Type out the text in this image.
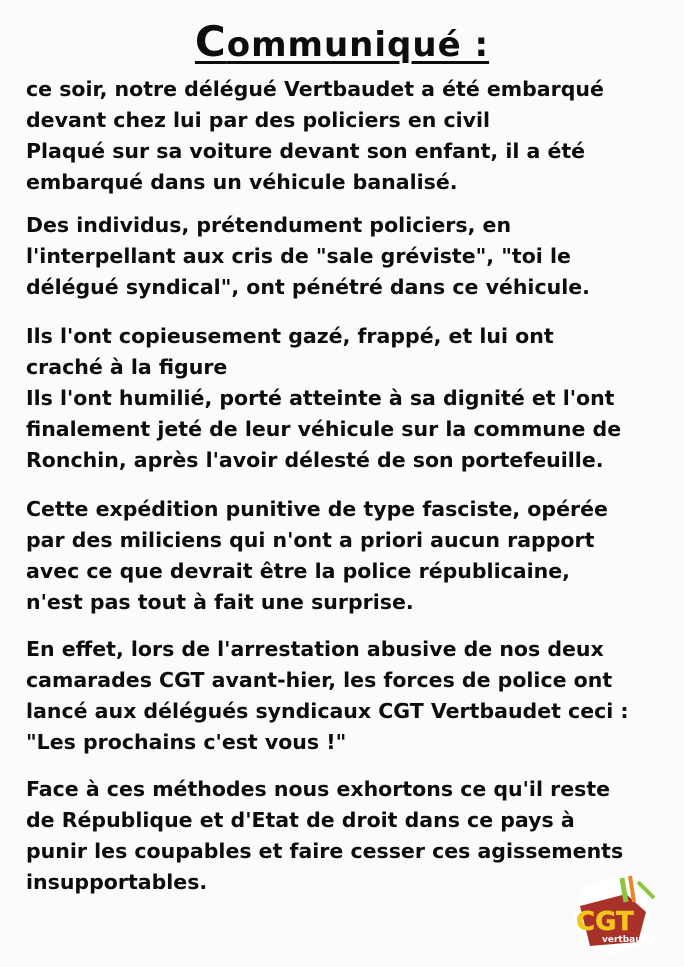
Communiqué :

ce soir, notre délégué Vertbaudet a été embarqué
devant chez lui par des policiers en civil
Plaqué sur sa voiture devant son enfant, il a été
embarqué dans un véhicule banalisé.

Des individus, prétendument policiers, en
l'interpellant aux cris de "sale gréviste", "toi le
délégué syndical", ont pénétré dans ce véhicule.

Ils l'ont copieusement gazé, frappé, et lui ont
craché à la figure
Ils l'ont humilié, porté atteinte à sa dignité et l'ont
finalement jeté de leur véhicule sur la commune de
Ronchin, après l'avoir délesté de son portefeuille.

Cette expédition punitive de type fasciste, opérée
par des miliciens qui n'ont a priori aucun rapport
avec ce que devrait être la police républicaine,
n'est pas tout à fait une surprise.

En effet, lors de l'arrestation abusive de nos deux
camarades CGT avant-hier, les forces de police ont
lancé aux délégués syndicaux CGT Vertbaudet ceci :
"Les prochains c'est vous !"

Face à ces méthodes nous exhortons ce qu'il reste
de République et d'Etat de droit dans ce pays à
punir les coupables et faire cesser ces agissements
insupportables.

CGT
vertbaudet
